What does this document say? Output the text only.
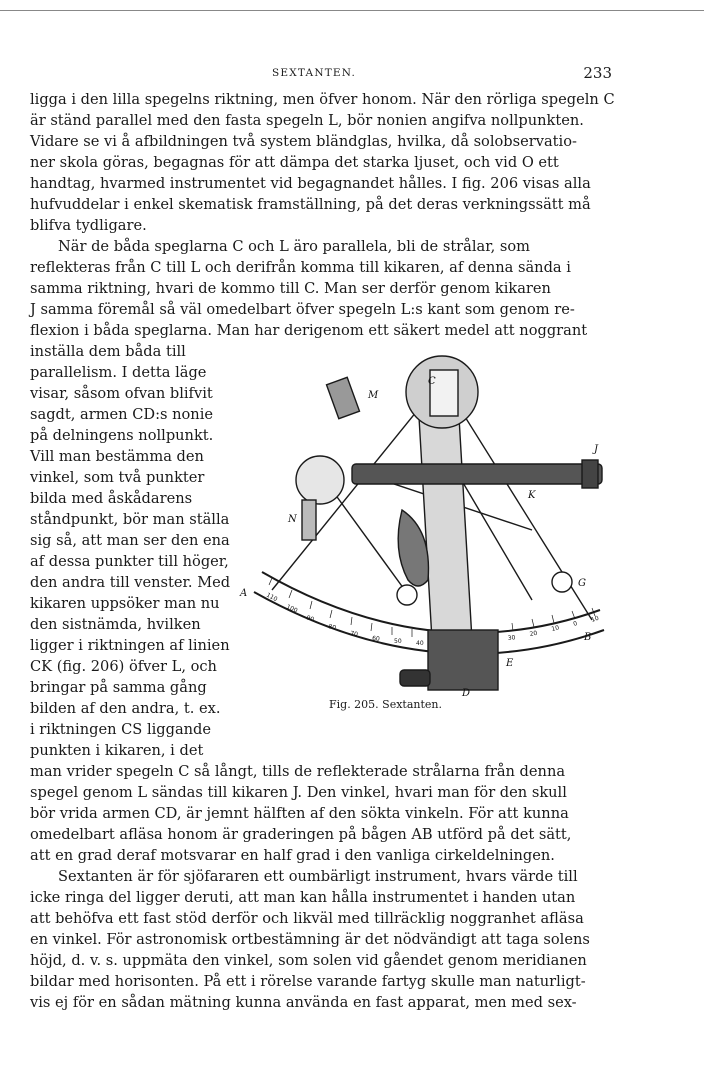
SEXTANTEN.	233
ligga i den lilla spegelns riktning, men öfver honom. När den rörliga spegeln C
är ständ parallel med den fasta spegeln L, bör nonien angifva nollpunkten.
Vidare se vi å afbildningen två system bländglas, hvilka, då solobservatio-
ner skola göras, begagnas för att dämpa det starka ljuset, och vid O ett
handtag, hvarmed instrumentet vid begagnandet hålles. I fig. 206 visas alla
hufvuddelar i enkel skematisk framställning, på det deras verkningssätt må
blifva tydligare.
När de båda speglarna C och L äro parallela, bli de strålar, som
reflekteras från C till L och derifrån komma till kikaren, af denna sända i
samma riktning, hvari de kommo till C. Man ser derför genom kikaren
J samma föremål så väl omedelbart öfver spegeln L:s kant som genom re-
flexion i båda speglarna. Man har derigenom ett säkert medel att noggrant
inställa dem båda till
parallelism. I detta läge
visar, såsom ofvan blifvit
sagdt, armen CD:s nonie
på delningens nollpunkt.
Vill man bestämma den
vinkel, som två punkter
bilda med åskådarens
ståndpunkt, bör man ställa
sig så, att man ser den ena
af dessa punkter till höger,
den andra till venster. Med
kikaren uppsöker man nu
den sistnämda, hvilken
ligger i riktningen af linien
CK (fig. 206) öfver L, och
bringar på samma gång
bilden af den andra, t. ex.
i riktningen CS liggande
punkten i kikaren, i det
man vrider spegeln C så långt, tills de reflekterade strålarna från denna
spegel genom L sändas till kikaren J. Den vinkel, hvari man för den skull
bör vrida armen CD, är jemnt hälften af den sökta vinkeln. För att kunna
omedelbart afläsa honom är graderingen på bågen AB utförd på det sätt,
att en grad deraf motsvarar en half grad i den vanliga cirkeldelningen.
Sextanten är för sjöfararen ett oumbärligt instrument, hvars värde till
icke ringa del ligger deruti, att man kan hålla instrumentet i handen utan
att behöfva ett fast stöd derför och likväl med tillräcklig noggranhet afläsa
en vinkel. För astronomisk ortbestämning är det nödvändigt att taga solens
höjd, d. v. s. uppmäta den vinkel, som solen vid gåendet genom meridianen
bildar med horisonten. På ett i rörelse varande fartyg skulle man naturligt-
vis ej för en sådan mätning kunna använda en fast apparat, men med sex-
110
100
90
80
70
60 50 40
30
20
10
0
10
C
M
J
K
N
A
B
G
E
D
Fig. 205. Sextanten.
